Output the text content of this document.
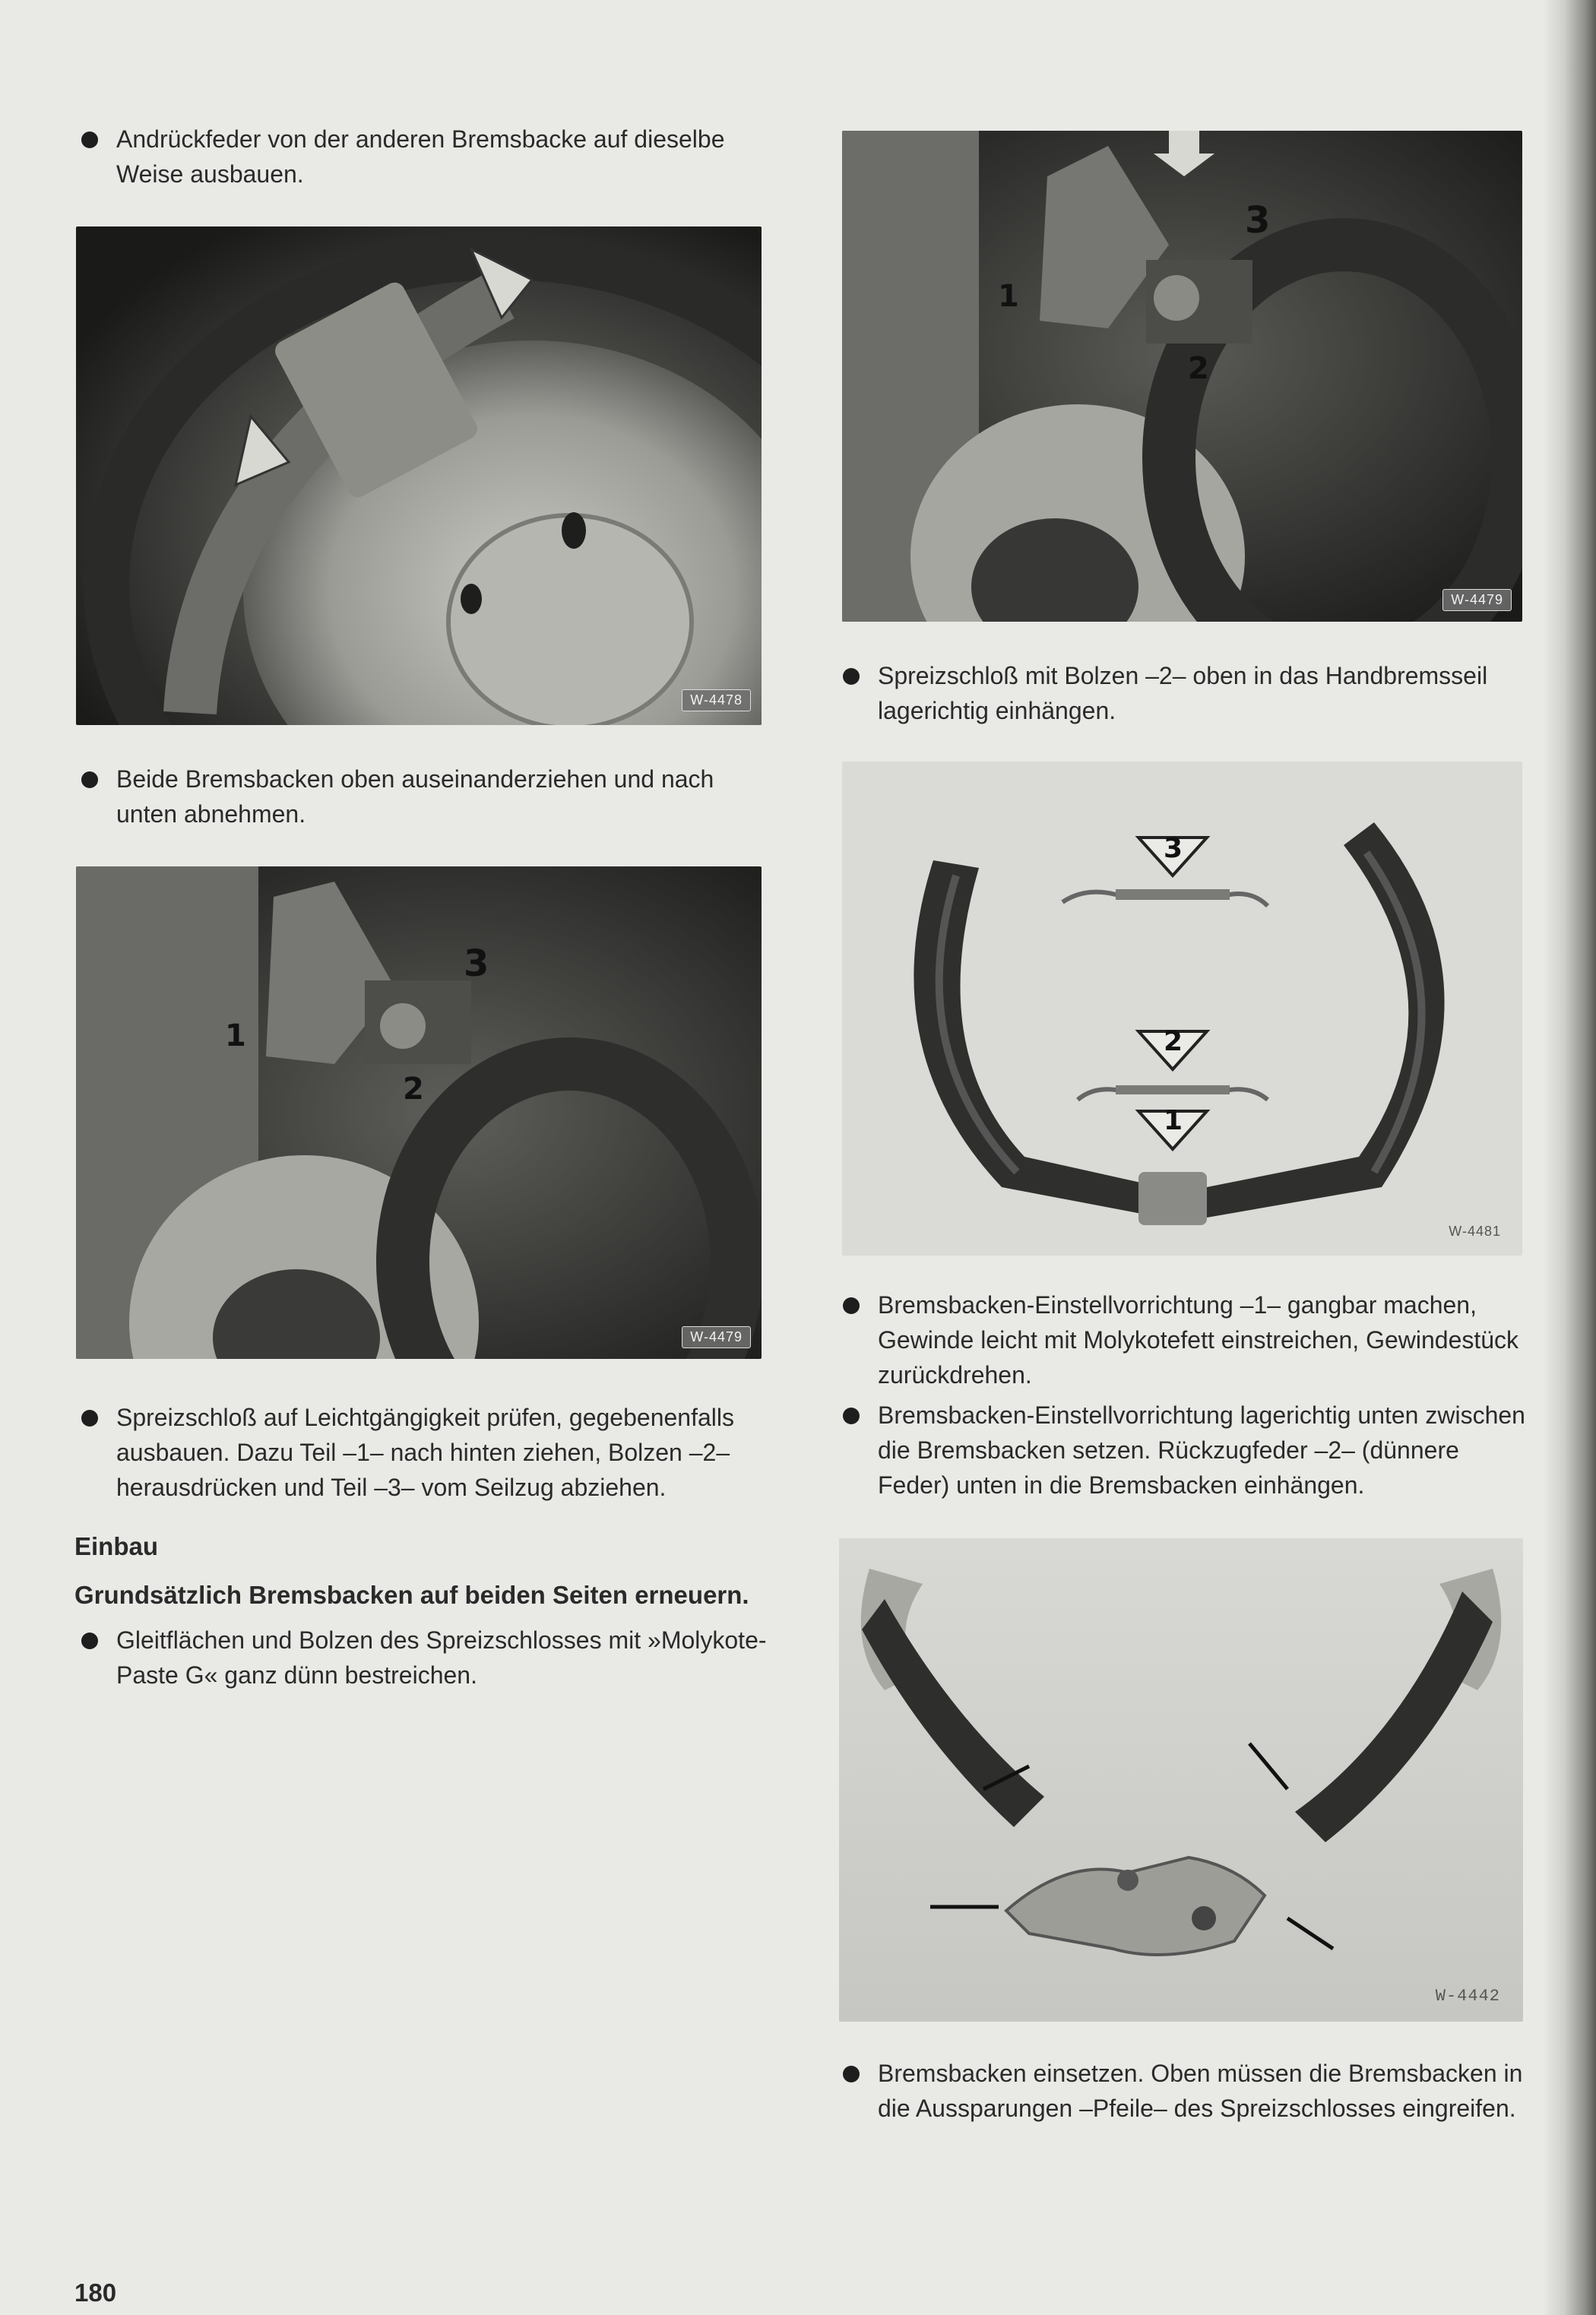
Andrückfeder von der anderen Bremsbacke auf dieselbe Weise ausbauen.
W-4478
Beide Bremsbacken oben auseinanderziehen und nach unten abnehmen.
1
2
3
W-4479
Spreizschloß auf Leichtgängigkeit prüfen, gegebenenfalls ausbauen. Dazu Teil –1– nach hinten ziehen, Bolzen –2– herausdrücken und Teil –3– vom Seilzug abziehen.
Einbau
Grundsätzlich Bremsbacken auf beiden Seiten erneuern.
Gleitflächen und Bolzen des Spreizschlosses mit »Molykote-Paste G« ganz dünn bestreichen.
1
2
3
W-4479
Spreizschloß mit Bolzen –2– oben in das Handbremsseil lagerichtig einhängen.
3
2
1
W-4481
Bremsbacken-Einstellvorrichtung –1– gangbar machen, Gewinde leicht mit Molykotefett einstreichen, Gewindestück zurückdrehen.
Bremsbacken-Einstellvorrichtung lagerichtig unten zwischen die Bremsbacken setzen. Rückzugfeder –2– (dünnere Feder) unten in die Bremsbacken einhängen.
W-4442
Bremsbacken einsetzen. Oben müssen die Bremsbacken in die Aussparungen –Pfeile– des Spreizschlosses eingreifen.
180
